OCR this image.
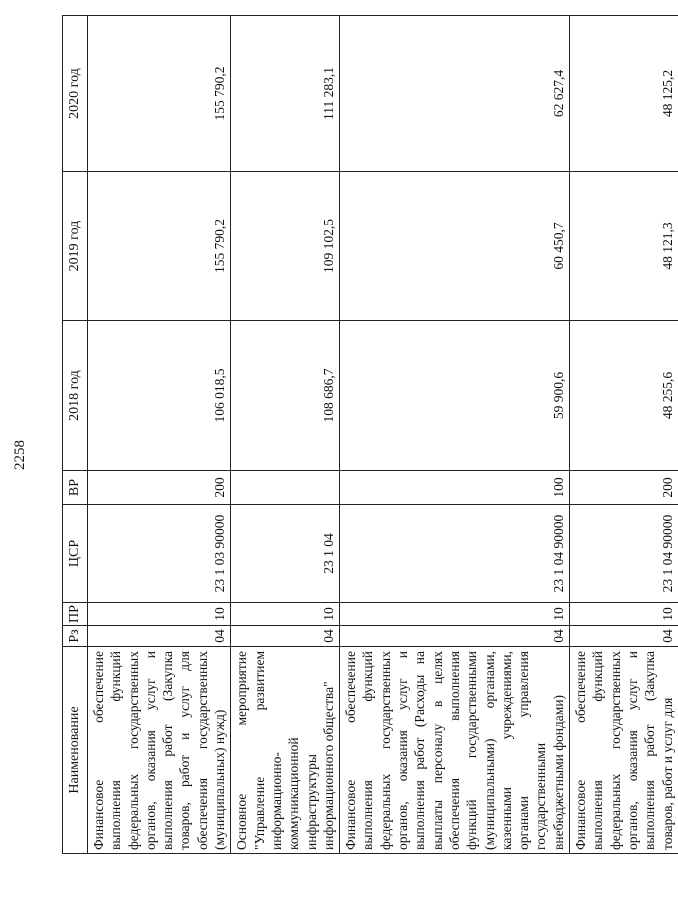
2258
Наименование	Рз	ПР	ЦСР	ВР	2018 год	2019 год	2020 год
Финансовое обеспечение выполнения функций федеральных государственных органов, оказания услуг и выполнения работ (Закупка товаров, работ и услуг для обеспечения государственных (муниципальных) нужд)	04	10	23 1 03 90000	200	106 018,5	155 790,2	155 790,2
Основное мероприятие "Управление развитием информационно-коммуникационной инфраструктуры информационного общества"	04	10	23 1 04		108 686,7	109 102,5	111 283,1
Финансовое обеспечение выполнения функций федеральных государственных органов, оказания услуг и выполнения работ (Расходы на выплаты персоналу в целях обеспечения выполнения функций государственными (муниципальными) органами, казенными учреждениями, органами управления государственными внебюджетными фондами)	04	10	23 1 04 90000	100	59 900,6	60 450,7	62 627,4
Финансовое обеспечение выполнения функций федеральных государственных органов, оказания услуг и выполнения работ (Закупка товаров, работ и услуг для	04	10	23 1 04 90000	200	48 255,6	48 121,3	48 125,2
